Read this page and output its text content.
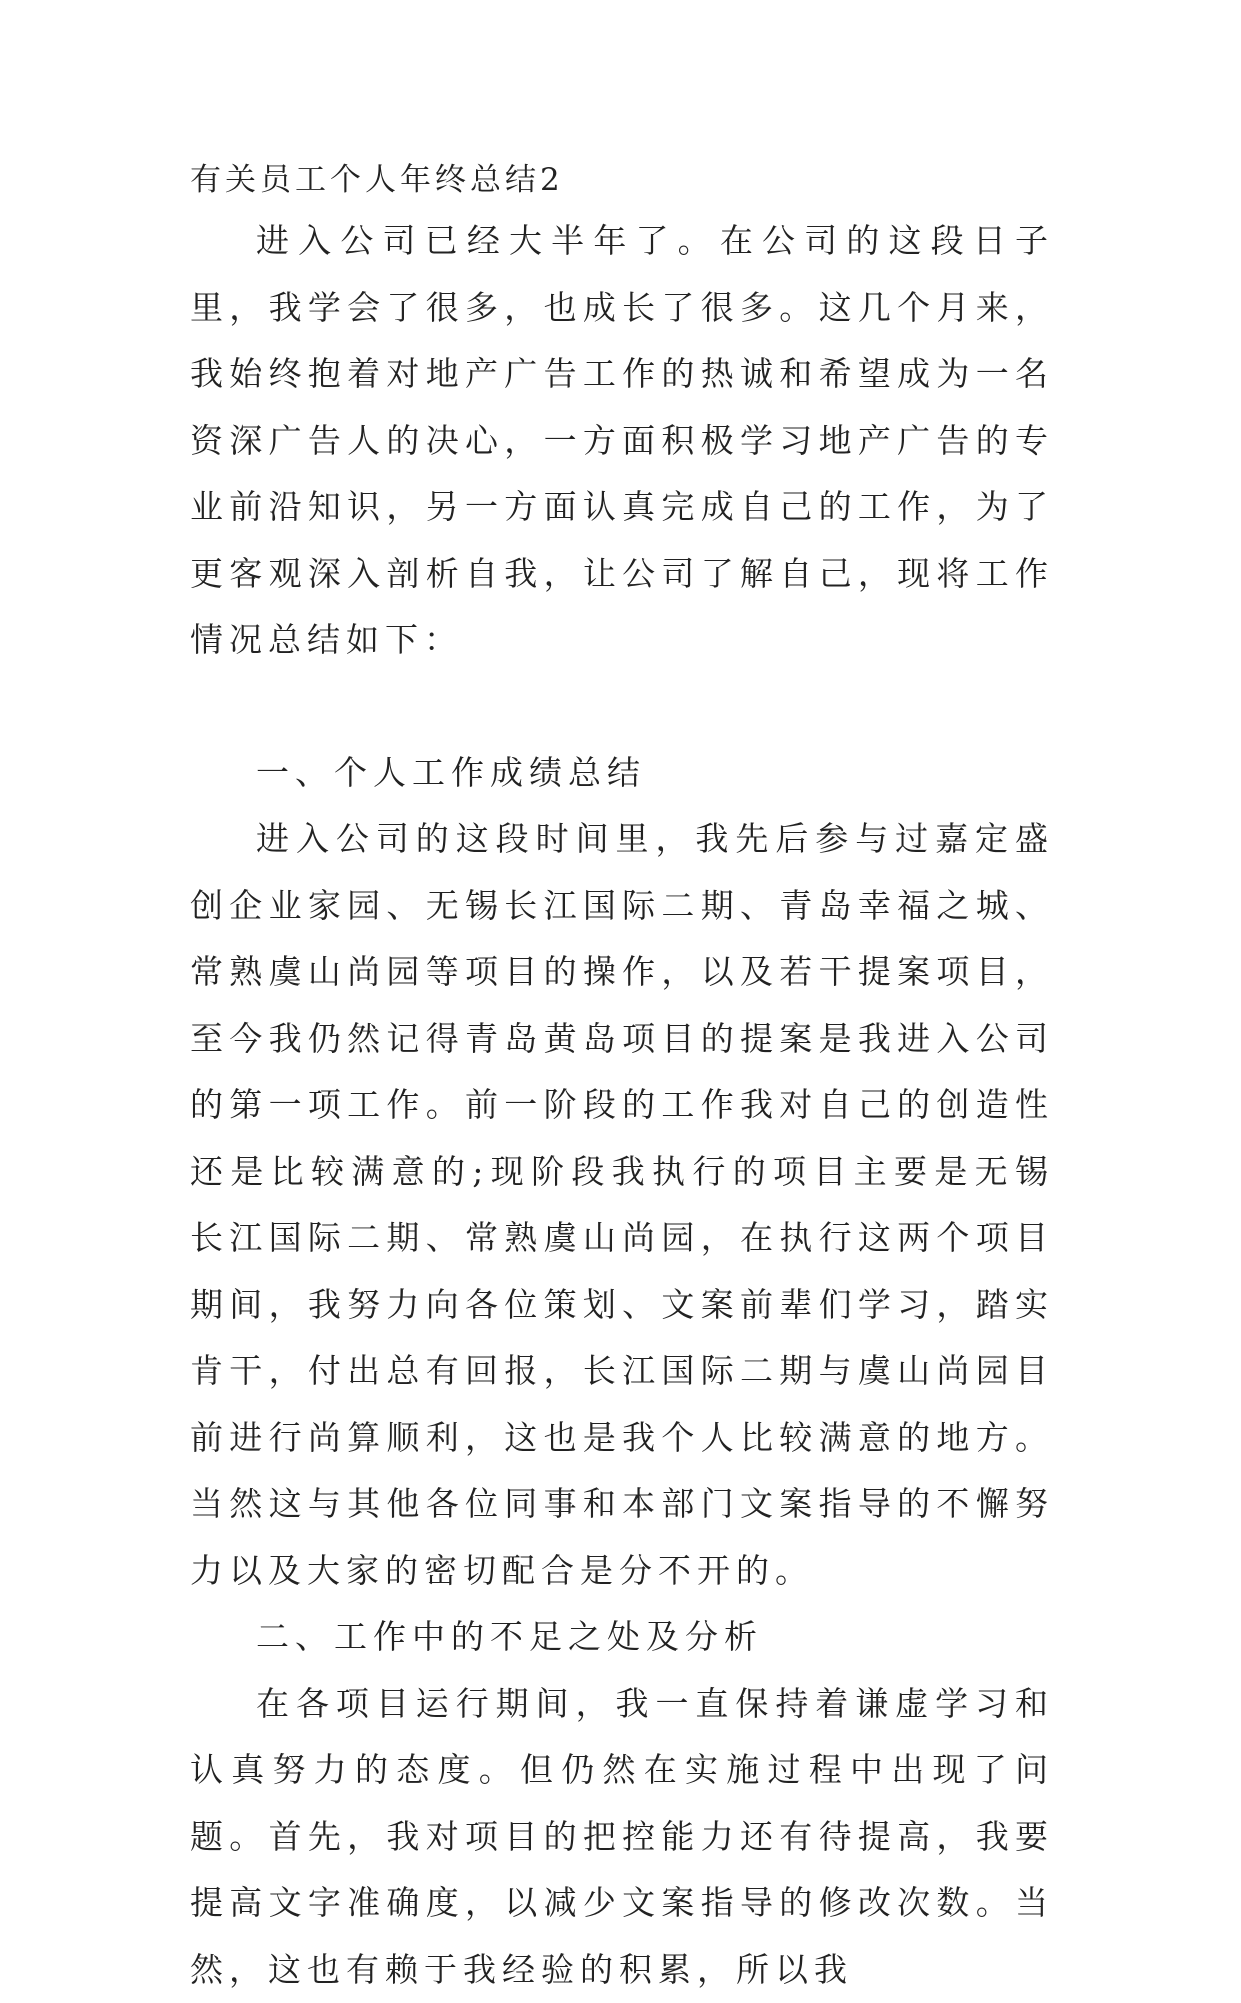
有关员工个人年终总结2

进入公司已经大半年了。在公司的这段日子里，我学会了很多，也成长了很多。这几个月来，我始终抱着对地产广告工作的热诚和希望成为一名资深广告人的决心，一方面积极学习地产广告的专业前沿知识，另一方面认真完成自己的工作，为了更客观深入剖析自我，让公司了解自己，现将工作情况总结如下：

一、个人工作成绩总结

进入公司的这段时间里，我先后参与过嘉定盛创企业家园、无锡长江国际二期、青岛幸福之城、常熟虞山尚园等项目的操作，以及若干提案项目，至今我仍然记得青岛黄岛项目的提案是我进入公司的第一项工作。前一阶段的工作我对自己的创造性还是比较满意的;现阶段我执行的项目主要是无锡长江国际二期、常熟虞山尚园，在执行这两个项目期间，我努力向各位策划、文案前辈们学习，踏实肯干，付出总有回报，长江国际二期与虞山尚园目前进行尚算顺利，这也是我个人比较满意的地方。当然这与其他各位同事和本部门文案指导的不懈努力以及大家的密切配合是分不开的。

二、工作中的不足之处及分析

在各项目运行期间，我一直保持着谦虚学习和认真努力的态度。但仍然在实施过程中出现了问题。首先，我对项目的把控能力还有待提高，我要提高文字准确度，以减少文案指导的修改次数。当然，这也有赖于我经验的积累，所以我
